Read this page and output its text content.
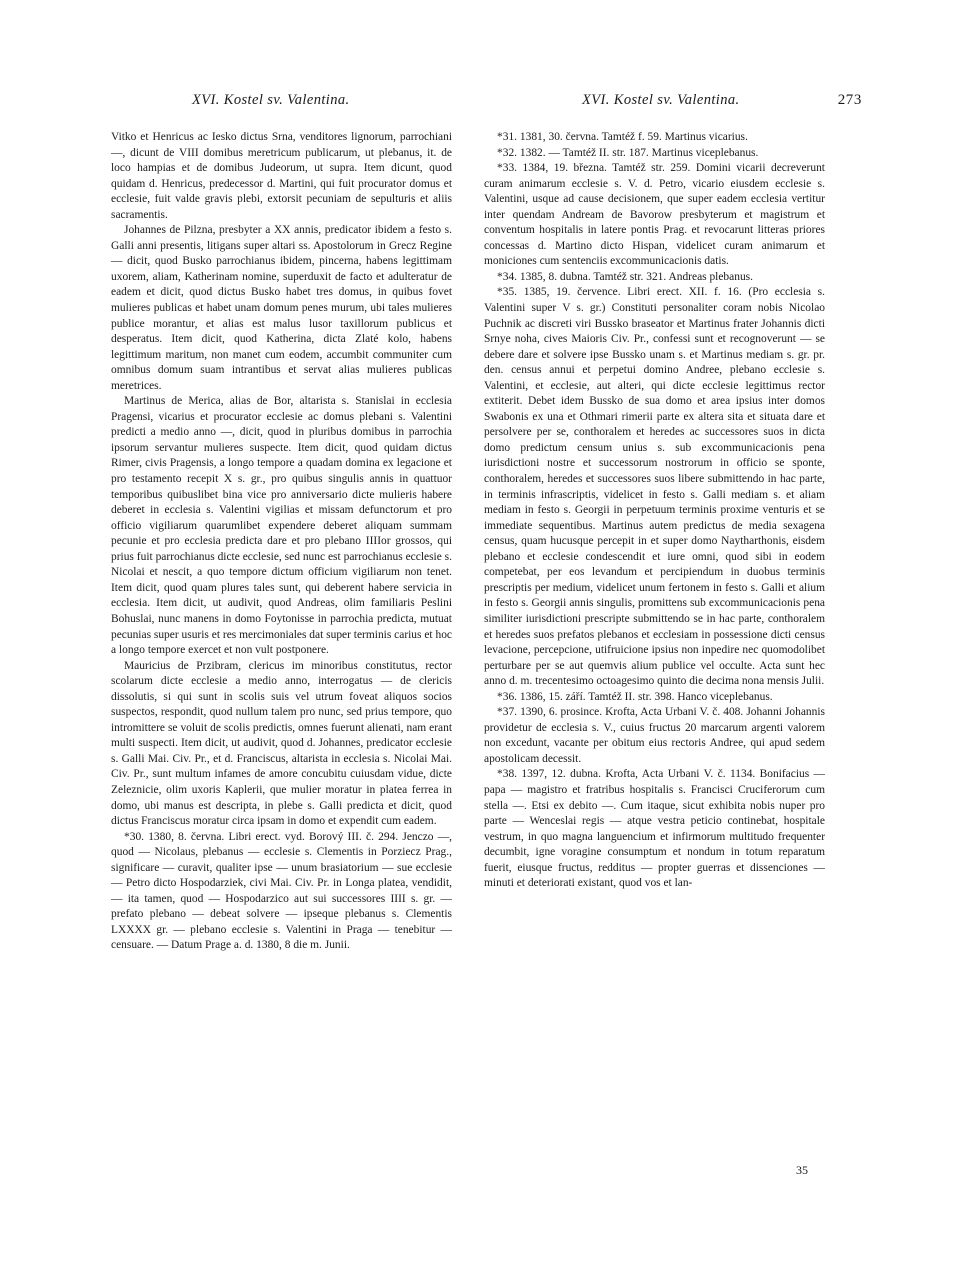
XVI. Kostel sv. Valentina.	XVI. Kostel sv. Valentina.	273

Vitko et Henricus ac Iesko dictus Srna, venditores lignorum, parrochiani —, dicunt de VIII domibus meretricum publicarum, ut plebanus, it. de loco hampias et de domibus Judeorum, ut supra. Item dicunt, quod quidam d. Henricus, predecessor d. Martini, qui fuit procurator domus et ecclesie, fuit valde gravis plebi, extorsit pecuniam de sepulturis et aliis sacramentis.

Johannes de Pilzna, presbyter a XX annis, predicator ibidem a festo s. Galli anni presentis, litigans super altari ss. Apostolorum in Grecz Regine — dicit, quod Busko parrochianus ibidem, pincerna, habens legittimam uxorem, aliam, Katherinam nomine, superduxit de facto et adulteratur de eadem et dicit, quod dictus Busko habet tres domus, in quibus fovet mulieres publicas et habet unam domum penes murum, ubi tales mulieres publice morantur, et alias est malus lusor taxillorum publicus et desperatus. Item dicit, quod Katherina, dicta Zlaté kolo, habens legittimum maritum, non manet cum eodem, accumbit communiter cum omnibus domum suam intrantibus et servat alias mulieres publicas meretrices.

Martinus de Merica, alias de Bor, altarista s. Stanislai in ecclesia Pragensi, vicarius et procurator ecclesie ac domus plebani s. Valentini predicti a medio anno —, dicit, quod in pluribus domibus in parrochia ipsorum servantur mulieres suspecte. Item dicit, quod quidam dictus Rimer, civis Pragensis, a longo tempore a quadam domina ex legacione et pro testamento recepit X s. gr., pro quibus singulis annis in quattuor temporibus quibuslibet bina vice pro anniversario dicte mulieris habere deberet in ecclesia s. Valentini vigilias et missam defunctorum et pro officio vigiliarum quarumlibet expendere deberet aliquam summam pecunie et pro ecclesia predicta dare et pro plebano IIIIor grossos, qui prius fuit parrochianus dicte ecclesie, sed nunc est parrochianus ecclesie s. Nicolai et nescit, a quo tempore dictum officium vigiliarum non tenet. Item dicit, quod quam plures tales sunt, qui deberent habere serviciа in ecclesia. Item dicit, ut audivit, quod Andreas, olim familiaris Peslini Bohuslai, nunc manens in domo Foytonisse in parrochia predicta, mutuat pecunias super usuris et res mercimoniales dat super terminis carius et hoc a longo tempore exercet et non vult postponere.

Mauricius de Przibram, clericus im minoribus constitutus, rector scolarum dicte ecclesie a medio anno, interrogatus — de clericis dissolutis, si qui sunt in scolis suis vel utrum foveat aliquos socios suspectos, respondit, quod nullum talem pro nunc, sed prius tempore, quo intromittere se voluit de scolis predictis, omnes fuerunt alienati, nam erant multi suspecti. Item dicit, ut audivit, quod d. Johannes, predicator ecclesie s. Galli Mai. Civ. Pr., et d. Franciscus, altarista in ecclesia s. Nicolai Mai. Civ. Pr., sunt multum infames de amore concubitu cuiusdam vidue, dicte Zeleznicie, olim uxoris Kaplerii, que mulier moratur in platea ferrea in domo, ubi manus est descripta, in plebe s. Galli predicta et dicit, quod dictus Franciscus moratur circa ipsam in domo et expendit cum eadem.

*30. 1380, 8. června. Libri erect. vyd. Borový III. č. 294. Jenczo —, quod — Nicolaus, plebanus — ecclesie s. Clementis in Porziecz Prag., significare — curavit, qualiter ipse — unum brasiatorium — sue ecclesie — Petro dicto Hospodarziek, civi Mai. Civ. Pr. in Longa platea, vendidit, — ita tamen, quod — Hospodarzico aut sui successores IIII s. gr. — prefato plebano — debeat solvere — ipseque plebanus s. Clementis LXXXX gr. — plebano ecclesie s. Valentini in Praga — tenebitur — censuare. — Datum Prage a. d. 1380, 8 die m. Junii.

*31. 1381, 30. června. Tamtéž f. 59. Martinus vicarius.

*32. 1382. — Tamtéž II. str. 187. Martinus viceplebanus.

*33. 1384, 19. března. Tamtéž str. 259. Domini vicarii decreverunt curam animarum ecclesie s. V. d. Petro, vicario eiusdem ecclesie s. Valentini, usque ad cause decisionem, que super eadem ecclesia vertitur inter quendam Andream de Bavorow presbyterum et magistrum et conventum hospitalis in latere pontis Prag. et revocarunt litteras priores concessas d. Martino dicto Hispan, videlicet curam animarum et moniciones cum sentenciis excommunicacionis datis.

*34. 1385, 8. dubna. Tamtéž str. 321. Andreas plebanus.

*35. 1385, 19. července. Libri erect. XII. f. 16. (Pro ecclesia s. Valentini super V s. gr.) Constituti personaliter coram nobis Nicolao Puchnik ac discreti viri Bussko braseator et Martinus frater Johannis dicti Srnye noha, cives Maioris Civ. Pr., confessi sunt et recognoverunt — se debere dare et solvere ipse Bussko unam s. et Martinus mediam s. gr. pr. den. census annui et perpetui domino Andree, plebano ecclesie s. Valentini, et ecclesie, aut alteri, qui dicte ecclesie legittimus rector extiterit. Debet idem Bussko de sua domo et area ipsius inter domos Swabonis ex una et Othmari rimerii parte ex altera sita et situata dare et persolvere per se, conthoralem et heredes ac successores suos in dicta domo predictum censum unius s. sub excommunicacionis pena iurisdictioni nostre et successorum nostrorum in officio se sponte, conthoralem, heredes et successores suos libere submittendo in hac parte, in terminis infrascriptis, videlicet in festo s. Galli mediam s. et aliam mediam in festo s. Georgii in perpetuum terminis proxime venturis et se immediate sequentibus. Martinus autem predictus de media sexagena census, quam hucusque percepit in et super domo Naytharthonis, eisdem plebano et ecclesie condescendit et iure omni, quod sibi in eodem competebat, per eos levandum et percipiendum in duobus terminis prescriptis per medium, videlicet unum fertonem in festo s. Galli et alium in festo s. Georgii annis singulis, promittens sub excommunicacionis pena similiter iurisdictioni prescripte submittendo se in hac parte, conthoralem et heredes suos prefatos plebanos et ecclesiam in possessione dicti census levacione, percepcione, utifruicione ipsius non inpedire nec quomodolibet perturbare per se aut quemvis alium publice vel occulte. Acta sunt hec anno d. m. trecentesimo octoagesimo quinto die decima nona mensis Julii.

*36. 1386, 15. září. Tamtéž II. str. 398. Hanco viceplebanus.

*37. 1390, 6. prosince. Krofta, Acta Urbani V. č. 408. Johanni Johannis providetur de ecclesia s. V., cuius fructus 20 marcarum argenti valorem non excedunt, vacante per obitum eius rectoris Andree, qui apud sedem apostolicam decessit.

*38. 1397, 12. dubna. Krofta, Acta Urbani V. č. 1134. Bonifacius — papa — magistro et fratribus hospitalis s. Francisci Cruciferorum cum stella —. Etsi ex debito —. Cum itaque, sicut exhibita nobis nuper pro parte — Wenceslai regis — atque vestra peticio continebat, hospitale vestrum, in quo magna languencium et infirmorum multitudo frequenter decumbit, igne voragine consumptum et nondum in totum reparatum fuerit, eiusque fructus, redditus — propter guerras et dissenciones — minuti et deteriorati existant, quod vos et lan-

35
